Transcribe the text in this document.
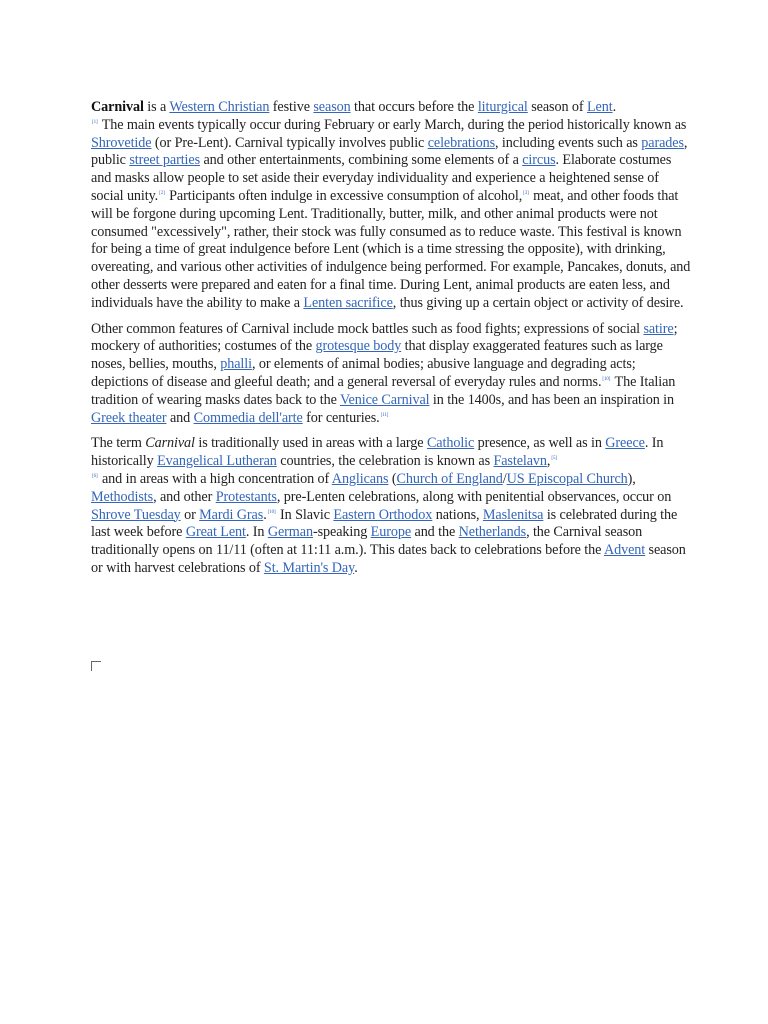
Carnival is a Western Christian festive season that occurs before the liturgical season of Lent.
[1] The main events typically occur during February or early March, during the period historically known as Shrovetide (or Pre-Lent). Carnival typically involves public celebrations, including events such as parades, public street parties and other entertainments, combining some elements of a circus. Elaborate costumes and masks allow people to set aside their everyday individuality and experience a heightened sense of social unity.[2] Participants often indulge in excessive consumption of alcohol,[3] meat, and other foods that will be forgone during upcoming Lent. Traditionally, butter, milk, and other animal products were not consumed "excessively", rather, their stock was fully consumed as to reduce waste. This festival is known for being a time of great indulgence before Lent (which is a time stressing the opposite), with drinking, overeating, and various other activities of indulgence being performed. For example, Pancakes, donuts, and other desserts were prepared and eaten for a final time. During Lent, animal products are eaten less, and individuals have the ability to make a Lenten sacrifice, thus giving up a certain object or activity of desire.

Other common features of Carnival include mock battles such as food fights; expressions of social satire; mockery of authorities; costumes of the grotesque body that display exaggerated features such as large noses, bellies, mouths, phalli, or elements of animal bodies; abusive language and degrading acts; depictions of disease and gleeful death; and a general reversal of everyday rules and norms.[10] The Italian tradition of wearing masks dates back to the Venice Carnival in the 1400s, and has been an inspiration in Greek theater and Commedia dell'arte for centuries.[11]

The term Carnival is traditionally used in areas with a large Catholic presence, as well as in Greece. In historically Evangelical Lutheran countries, the celebration is known as Fastelavn,[5]
[6] and in areas with a high concentration of Anglicans (Church of England/US Episcopal Church), Methodists, and other Protestants, pre-Lenten celebrations, along with penitential observances, occur on Shrove Tuesday or Mardi Gras.[10] In Slavic Eastern Orthodox nations, Maslenitsa is celebrated during the last week before Great Lent. In German-speaking Europe and the Netherlands, the Carnival season traditionally opens on 11/11 (often at 11:11 a.m.). This dates back to celebrations before the Advent season or with harvest celebrations of St. Martin's Day.
